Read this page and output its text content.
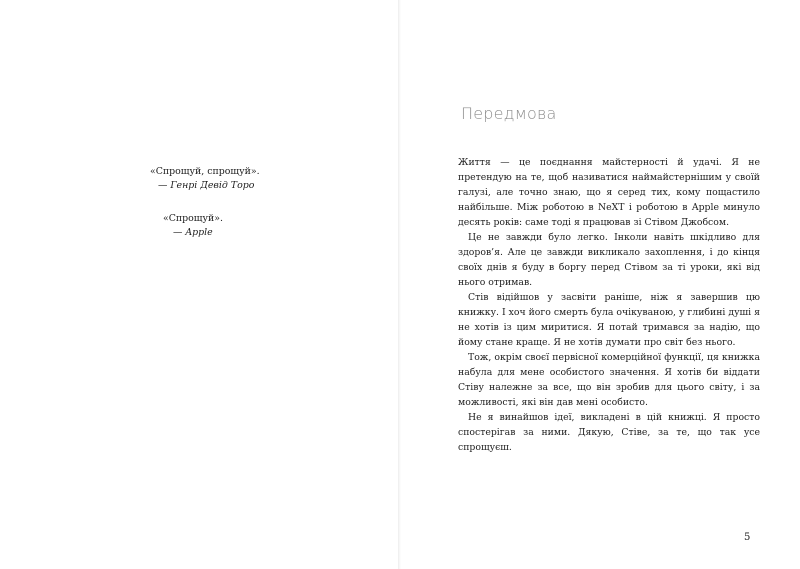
«Спрощуй, спрощуй».
— Генрі Девід Торо
«Спрощуй».
— Apple
Передмова

Життя — це поєднання майстерності й удачі. Я не претендую на те, щоб називатися наймайстернішим у своїй галузі, але точно знаю, що я серед тих, кому пощастило найбільше. Між роботою в NeXT і роботою в Apple минуло десять років: саме тоді я працював зі Стівом Джобсом.

Це не завжди було легко. Інколи навіть шкідливо для здоров’я. Але це завжди викликало захоплення, і до кінця своїх днів я буду в боргу перед Стівом за ті уроки, які від нього отримав.

Стів відійшов у засвіти раніше, ніж я завершив цю книжку. І хоч його смерть була очікуваною, у глибині душі я не хотів із цим миритися. Я потай тримався за надію, що йому стане краще. Я не хотів думати про світ без нього.

Тож, окрім своєї первісної комерційної функції, ця книжка набула для мене особистого значення. Я хотів би віддати Стіву належне за все, що він зробив для цього світу, і за можливості, які він дав мені особисто.

Не я винайшов ідеї, викладені в цій книжці. Я просто спостерігав за ними. Дякую, Стіве, за те, що так усе спрощуєш.

5
